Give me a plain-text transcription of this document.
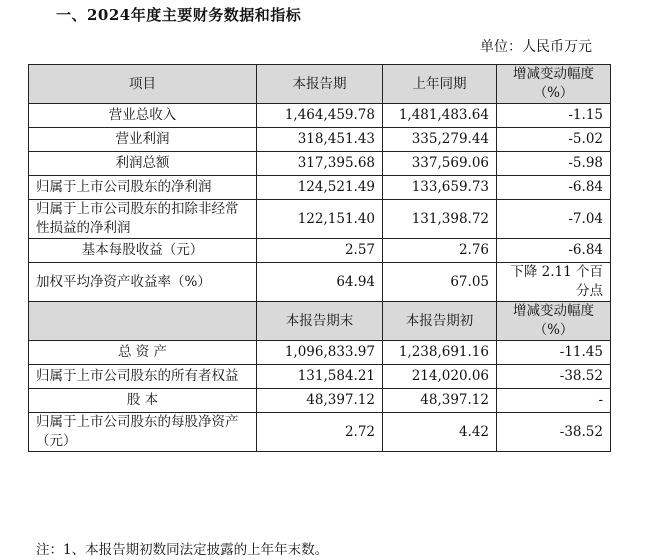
一、2024年度主要财务数据和指标
单位：人民币万元
项目	本报告期	上年同期	增减变动幅度（%）
营业总收入	1,464,459.78	1,481,483.64	-1.15
营业利润	318,451.43	335,279.44	-5.02
利润总额	317,395.68	337,569.06	-5.98
归属于上市公司股东的净利润	124,521.49	133,659.73	-6.84
归属于上市公司股东的扣除非经常性损益的净利润	122,151.40	131,398.72	-7.04
基本每股收益（元）	2.57	2.76	-6.84
加权平均净资产收益率（%）	64.94	67.05	下降 2.11 个百分点
	本报告期末	本报告期初	增减变动幅度（%）
总 资 产	1,096,833.97	1,238,691.16	-11.45
归属于上市公司股东的所有者权益	131,584.21	214,020.06	-38.52
股 本	48,397.12	48,397.12	-
归属于上市公司股东的每股净资产（元）	2.72	4.42	-38.52
注：1、本报告期初数同法定披露的上年年末数。
